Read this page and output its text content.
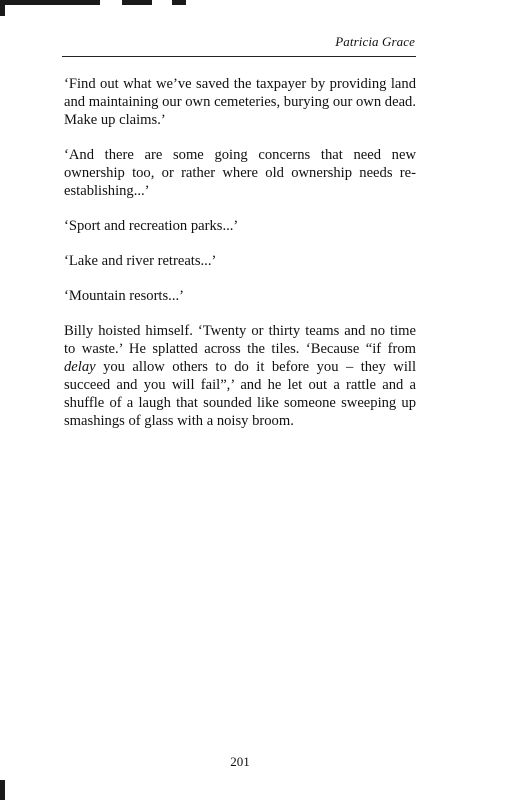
Patricia Grace

‘Find out what we’ve saved the taxpayer by providing land and maintaining our own cemeteries, burying our own dead. Make up claims.’

‘And there are some going concerns that need new ownership too, or rather where old ownership needs re-establishing...’

‘Sport and recreation parks...’

‘Lake and river retreats...’

‘Mountain resorts...’

Billy hoisted himself. ‘Twenty or thirty teams and no time to waste.’ He splatted across the tiles. ‘Because “if from delay you allow others to do it before you – they will succeed and you will fail”,’ and he let out a rattle and a shuffle of a laugh that sounded like someone sweeping up smashings of glass with a noisy broom.

201
